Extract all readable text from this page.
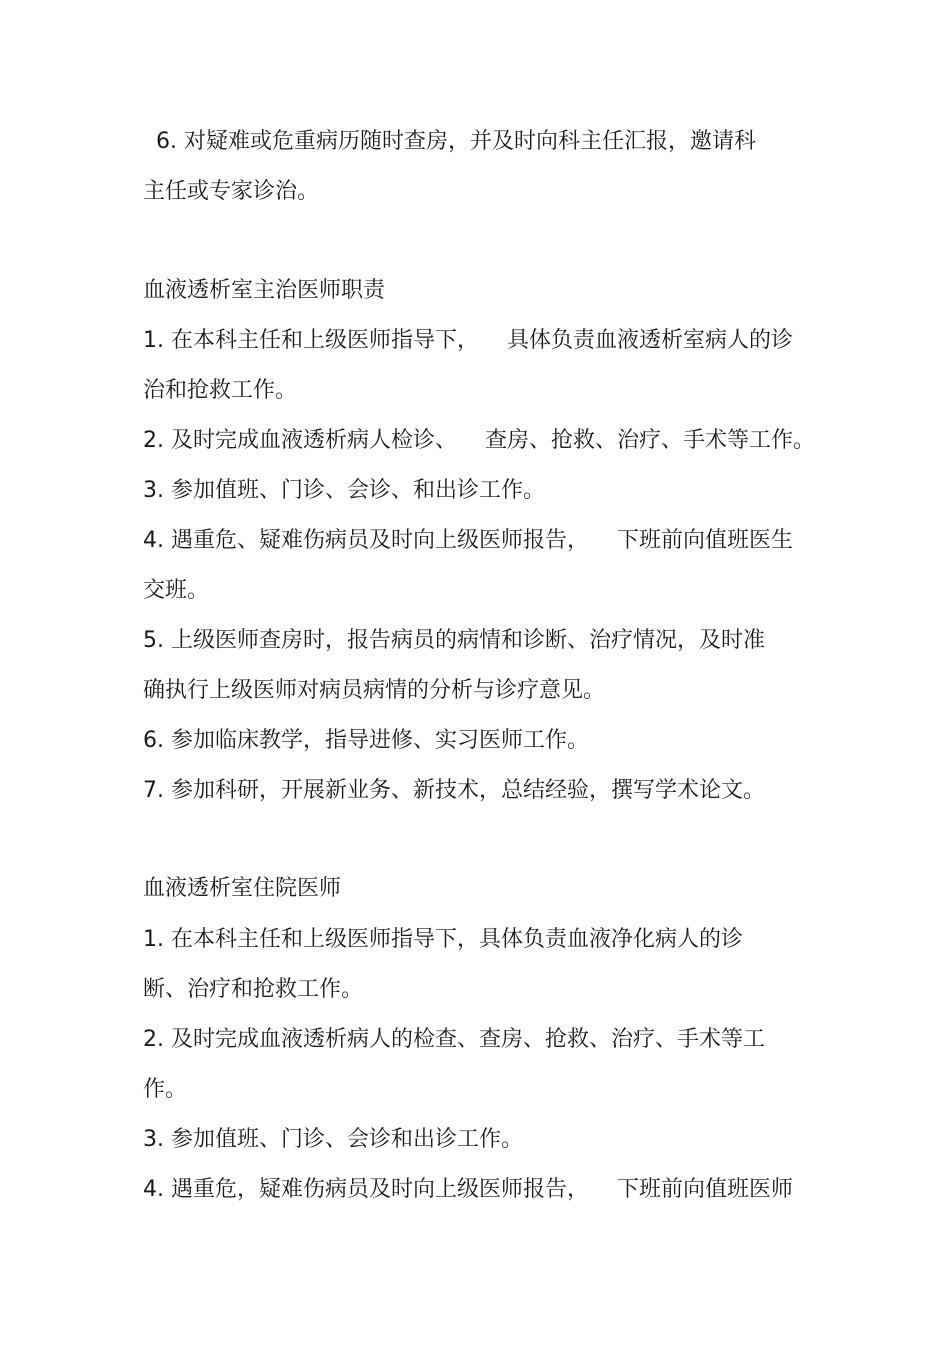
6. 对疑难或危重病历随时查房，并及时向科主任汇报，邀请科
主任或专家诊治。
血液透析室主治医师职责
1. 在本科主任和上级医师指导下，    具体负责血液透析室病人的诊
治和抢救工作。
2. 及时完成血液透析病人检诊、    查房、抢救、治疗、手术等工作。
3. 参加值班、门诊、会诊、和出诊工作。
4. 遇重危、疑难伤病员及时向上级医师报告，    下班前向值班医生
交班。
5. 上级医师查房时，报告病员的病情和诊断、治疗情况，及时准
确执行上级医师对病员病情的分析与诊疗意见。
6. 参加临床教学，指导进修、实习医师工作。
7. 参加科研，开展新业务、新技术，总结经验，撰写学术论文。
血液透析室住院医师
1. 在本科主任和上级医师指导下，具体负责血液净化病人的诊
断、治疗和抢救工作。
2. 及时完成血液透析病人的检查、查房、抢救、治疗、手术等工
作。
3. 参加值班、门诊、会诊和出诊工作。
4. 遇重危，疑难伤病员及时向上级医师报告，    下班前向值班医师
